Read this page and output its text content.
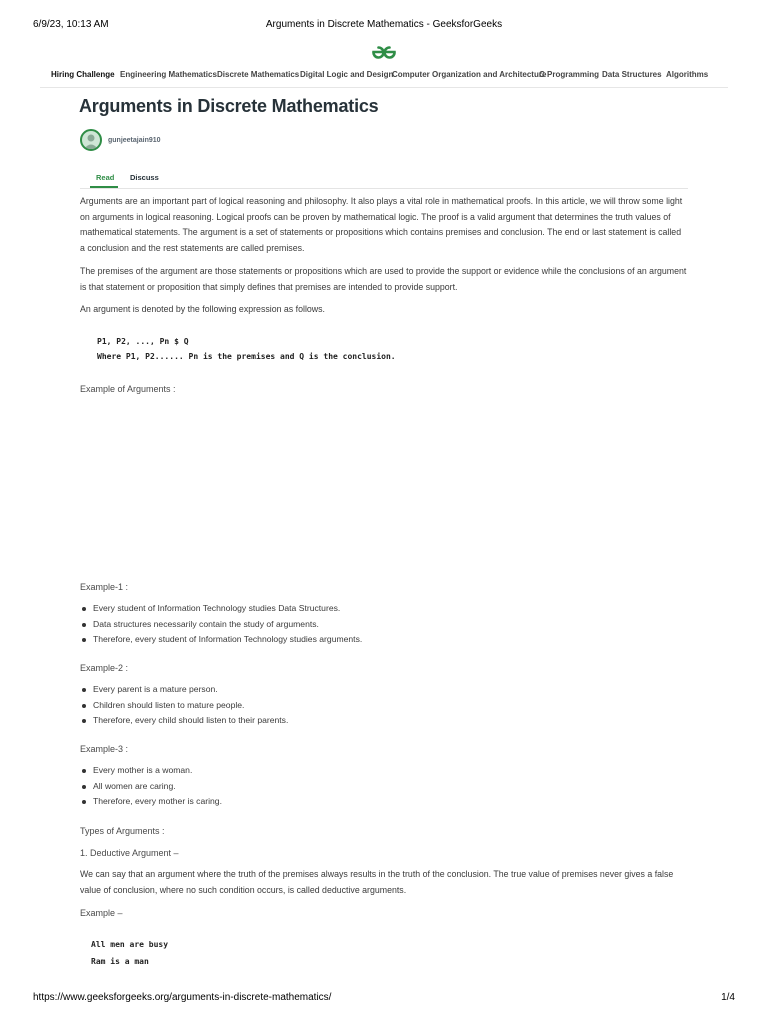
6/9/23, 10:13 AM	Arguments in Discrete Mathematics - GeeksforGeeks
Hiring Challenge Engineering Mathematics Discrete Mathematics Digital Logic and Design
Computer Organization and Architecture
C Programming Data Structures Algorithms
Arguments in Discrete Mathematics
gunjeetajain910
Read Discuss

Arguments are an important part of logical reasoning and philosophy. It also plays a vital role in mathematical proofs. In this article, we will throw some light on arguments in logical reasoning. Logical proofs can be proven by mathematical logic. The proof is a valid argument that determines the truth values of mathematical statements. The argument is a set of statements or propositions which contains premises and conclusion. The end or last statement is called a conclusion and the rest statements are called premises.

The premises of the argument are those statements or propositions which are used to provide the support or evidence while the conclusions of an argument is that statement or proposition that simply defines that premises are intended to provide support.

An argument is denoted by the following expression as follows.

P1, P2, ..., Pn $ Q
Where P1, P2...... Pn is the premises and Q is the conclusion.
Example of Arguments :
Example-1 :
Every student of Information Technology studies Data Structures.
Data structures necessarily contain the study of arguments.
Therefore, every student of Information Technology studies arguments.
Example-2 :
Every parent is a mature person.
Children should listen to mature people.
Therefore, every child should listen to their parents.
Example-3 :
Every mother is a woman.
All women are caring.
Therefore, every mother is caring.
Types of Arguments :
1. Deductive Argument –

We can say that an argument where the truth of the premises always results in the truth of the conclusion. The true value of premises never gives a false value of conclusion, where no such condition occurs, is called deductive arguments.

Example –
All men are busy
Ram is a man
https://www.geeksforgeeks.org/arguments-in-discrete-mathematics/	1/4
